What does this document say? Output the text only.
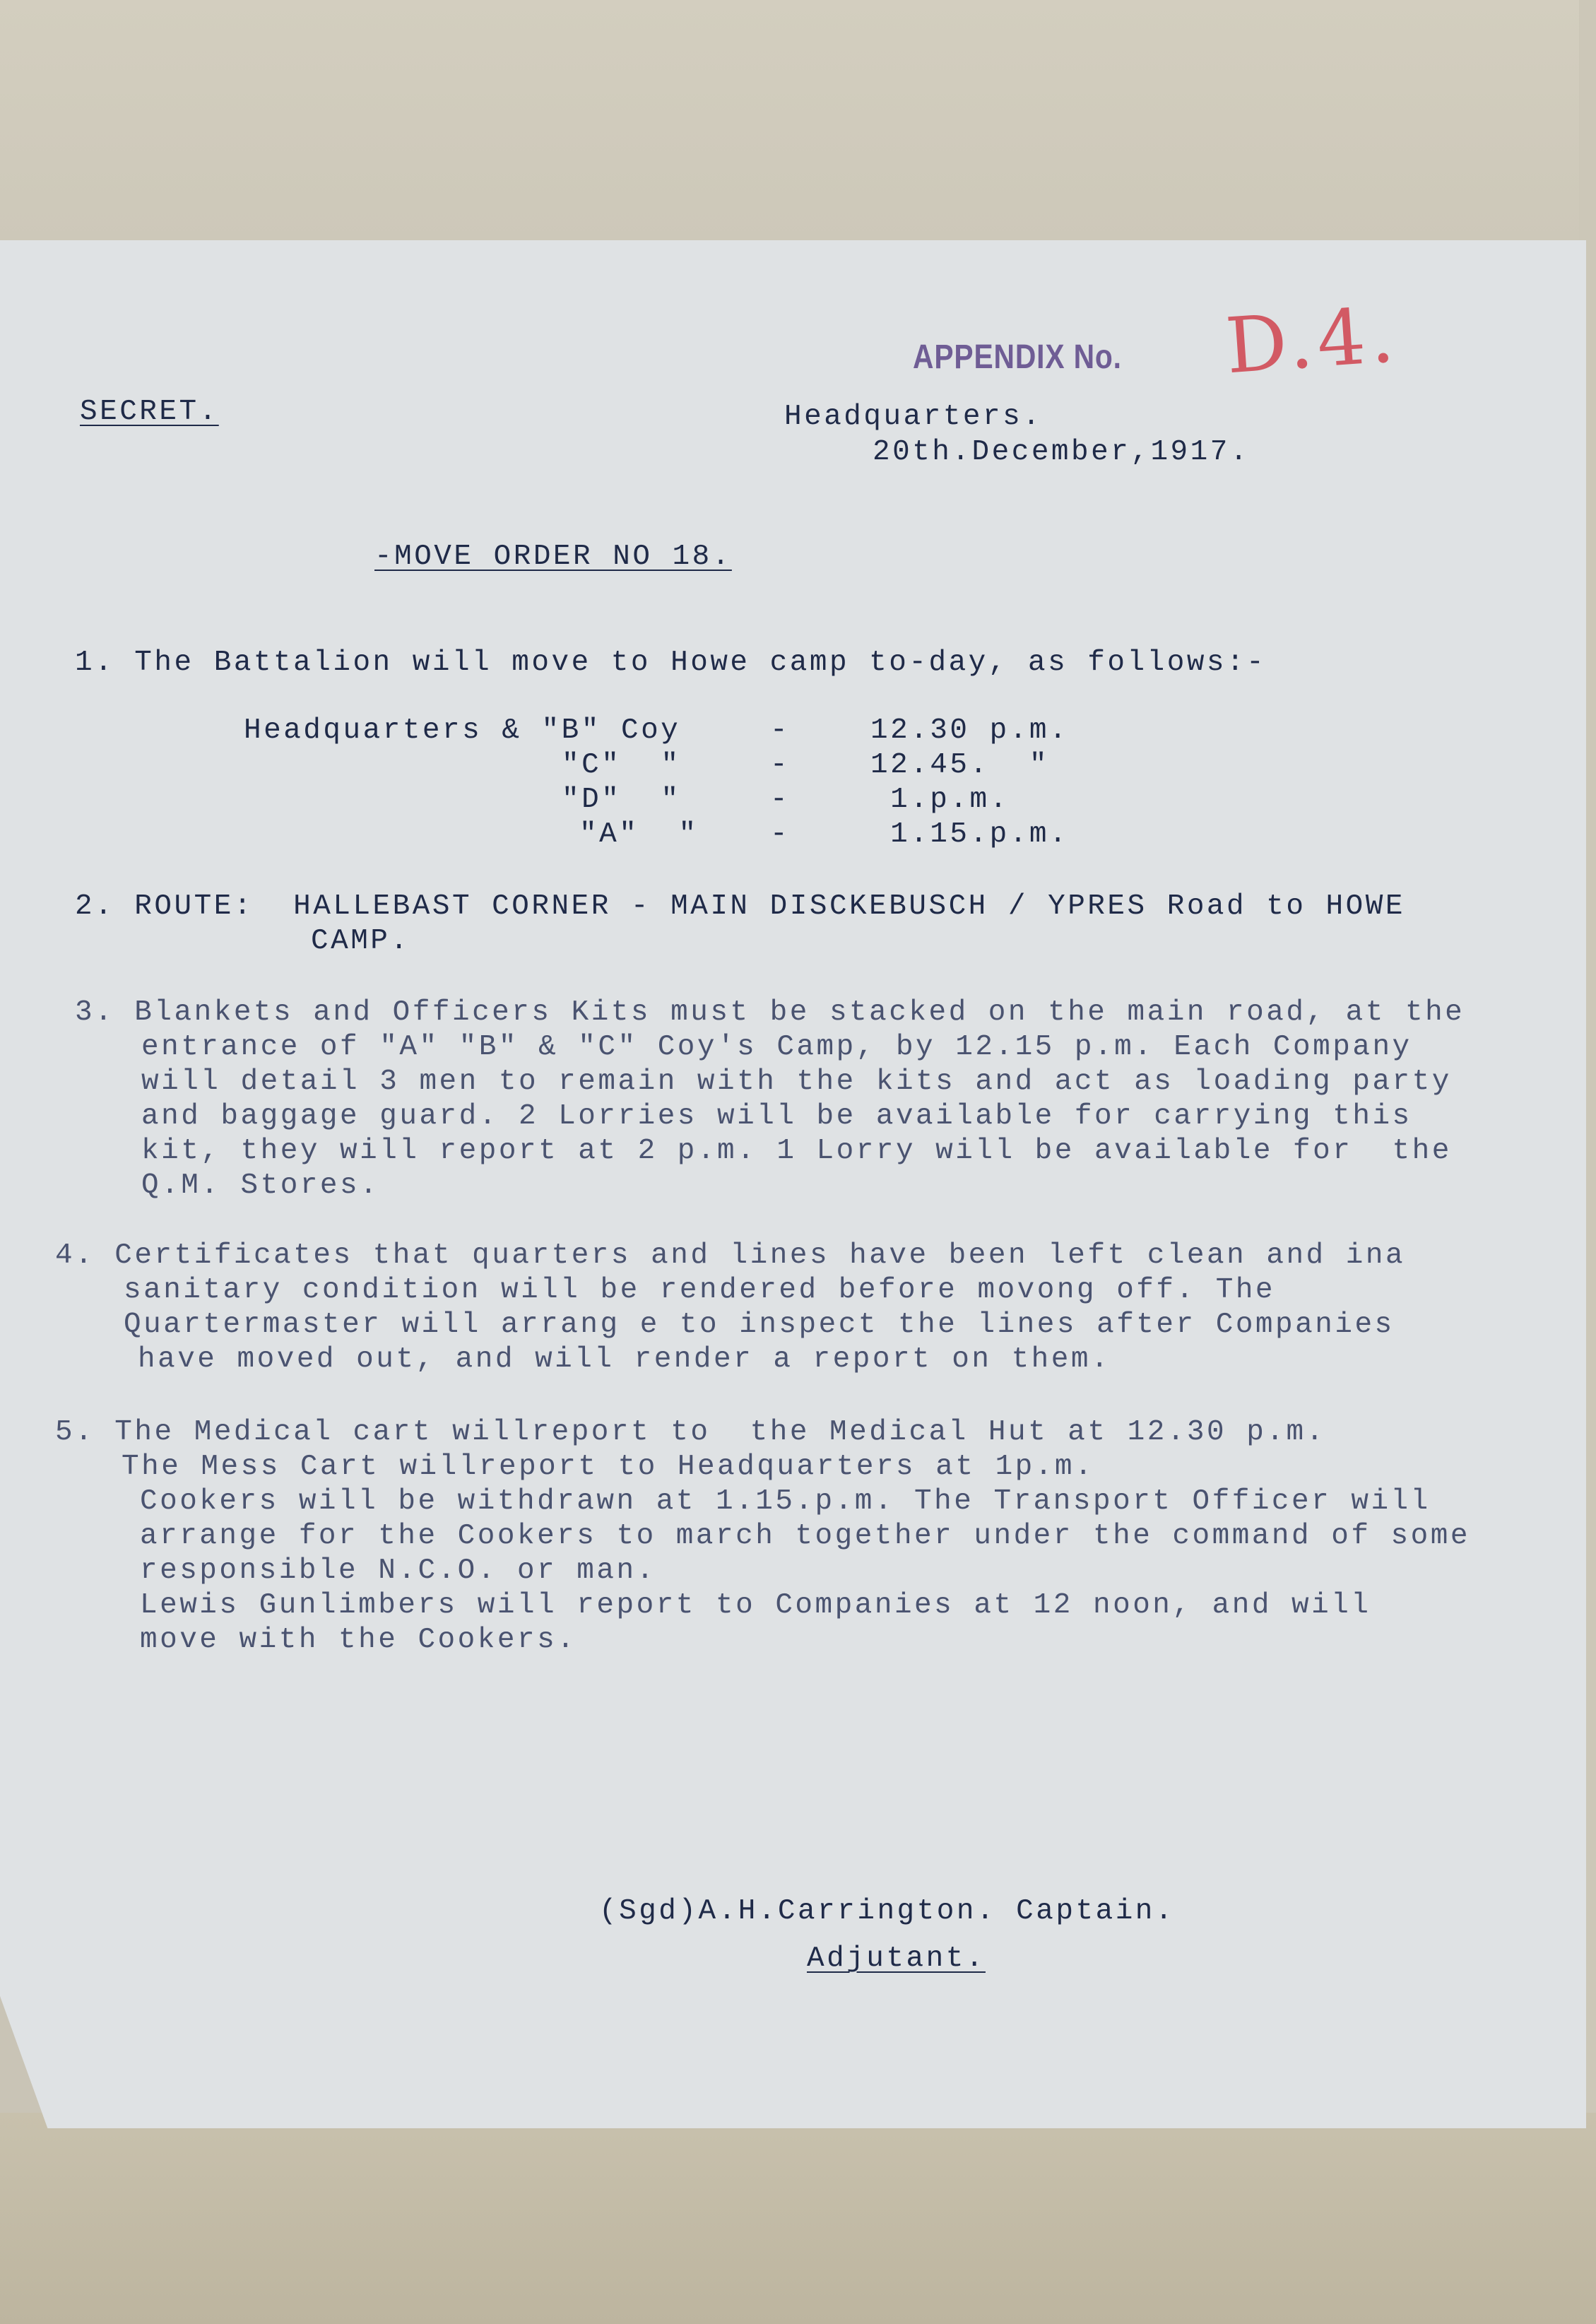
APPENDIX No. D.4.
SECRET.	Headquarters.
20th.December,1917.
-MOVE ORDER NO 18.
1. The Battalion will move to Howe camp to-day, as follows:-
Headquarters & "B" Coy	-	12.30 p.m.
"C"  "	-	12.45.  "
"D"  "	-	1.p.m.
"A"  " -	1.15.p.m.
2. ROUTE:  HALLEBAST CORNER - MAIN DISCKEBUSCH / YPRES Road to HOWE
CAMP.
3. Blankets and Officers Kits must be stacked on the main road, at the
entrance of "A" "B" & "C" Coy's Camp, by 12.15 p.m. Each Company
will detail 3 men to remain with the kits and act as loading party
and baggage guard. 2 Lorries will be available for carrying this
kit, they will report at 2 p.m. 1 Lorry will be available for  the
Q.M. Stores.
4. Certificates that quarters and lines have been left clean and ina
sanitary condition will be rendered before movong off. The
Quartermaster will arrang e to inspect the lines after Companies
have moved out, and will render a report on them.
5. The Medical cart willreport to  the Medical Hut at 12.30 p.m.
The Mess Cart willreport to Headquarters at 1p.m.
Cookers will be withdrawn at 1.15.p.m. The Transport Officer will
arrange for the Cookers to march together under the command of some
responsible N.C.O. or man.
Lewis Gunlimbers will report to Companies at 12 noon, and will
move with the Cookers.
(Sgd)A.H.Carrington. Captain.
Adjutant.
